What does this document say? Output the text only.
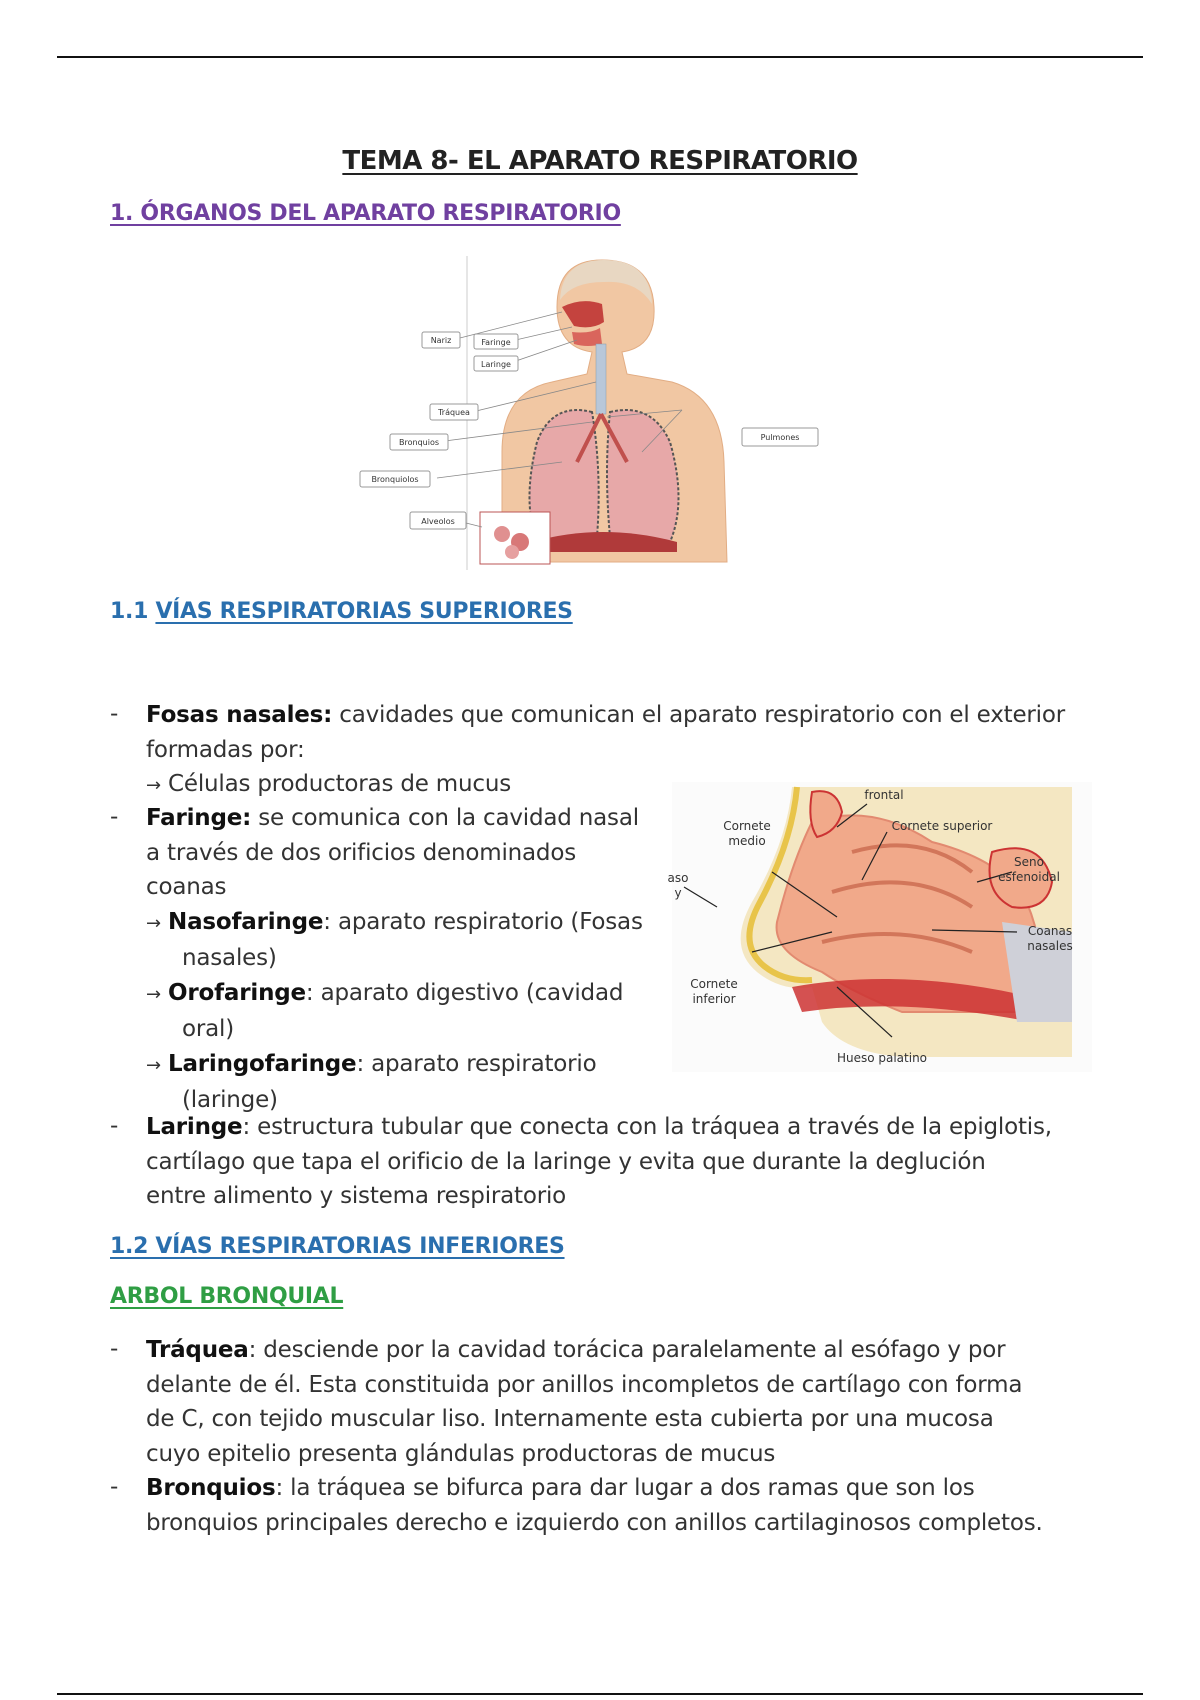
TEMA 8- EL APARATO RESPIRATORIO
1. ÓRGANOS DEL APARATO RESPIRATORIO
Nariz	Faringe
Laringe
Tráquea
Bronquios
Bronquiolos
Alveolos
Pulmones
1.1 VÍAS RESPIRATORIAS SUPERIORES
- Fosas nasales: cavidades que comunican el aparato respiratorio con el exterior
formadas por:
→ Células productoras de mucus
- Faringe: se comunica con la cavidad nasal
a través de dos orificios denominados
coanas
→ Nasofaringe: aparato respiratorio (Fosas
nasales)
→ Orofaringe: aparato digestivo (cavidad
oral)
→ Laringofaringe: aparato respiratorio
(laringe)
frontal
Cornete
medio
Cornete superior
Seno
esfenoidal
Coanas
nasales
Cornete
inferior
Hueso palatino
aso
y
- Laringe: estructura tubular que conecta con la tráquea a través de la epiglotis,
cartílago que tapa el orificio de la laringe y evita que durante la deglución
entre alimento y sistema respiratorio
1.2 VÍAS RESPIRATORIAS INFERIORES
ARBOL BRONQUIAL
- Tráquea: desciende por la cavidad torácica paralelamente al esófago y por
delante de él. Esta constituida por anillos incompletos de cartílago con forma
de C, con tejido muscular liso. Internamente esta cubierta por una mucosa
cuyo epitelio presenta glándulas productoras de mucus
- Bronquios: la tráquea se bifurca para dar lugar a dos ramas que son los
bronquios principales derecho e izquierdo con anillos cartilaginosos completos.
